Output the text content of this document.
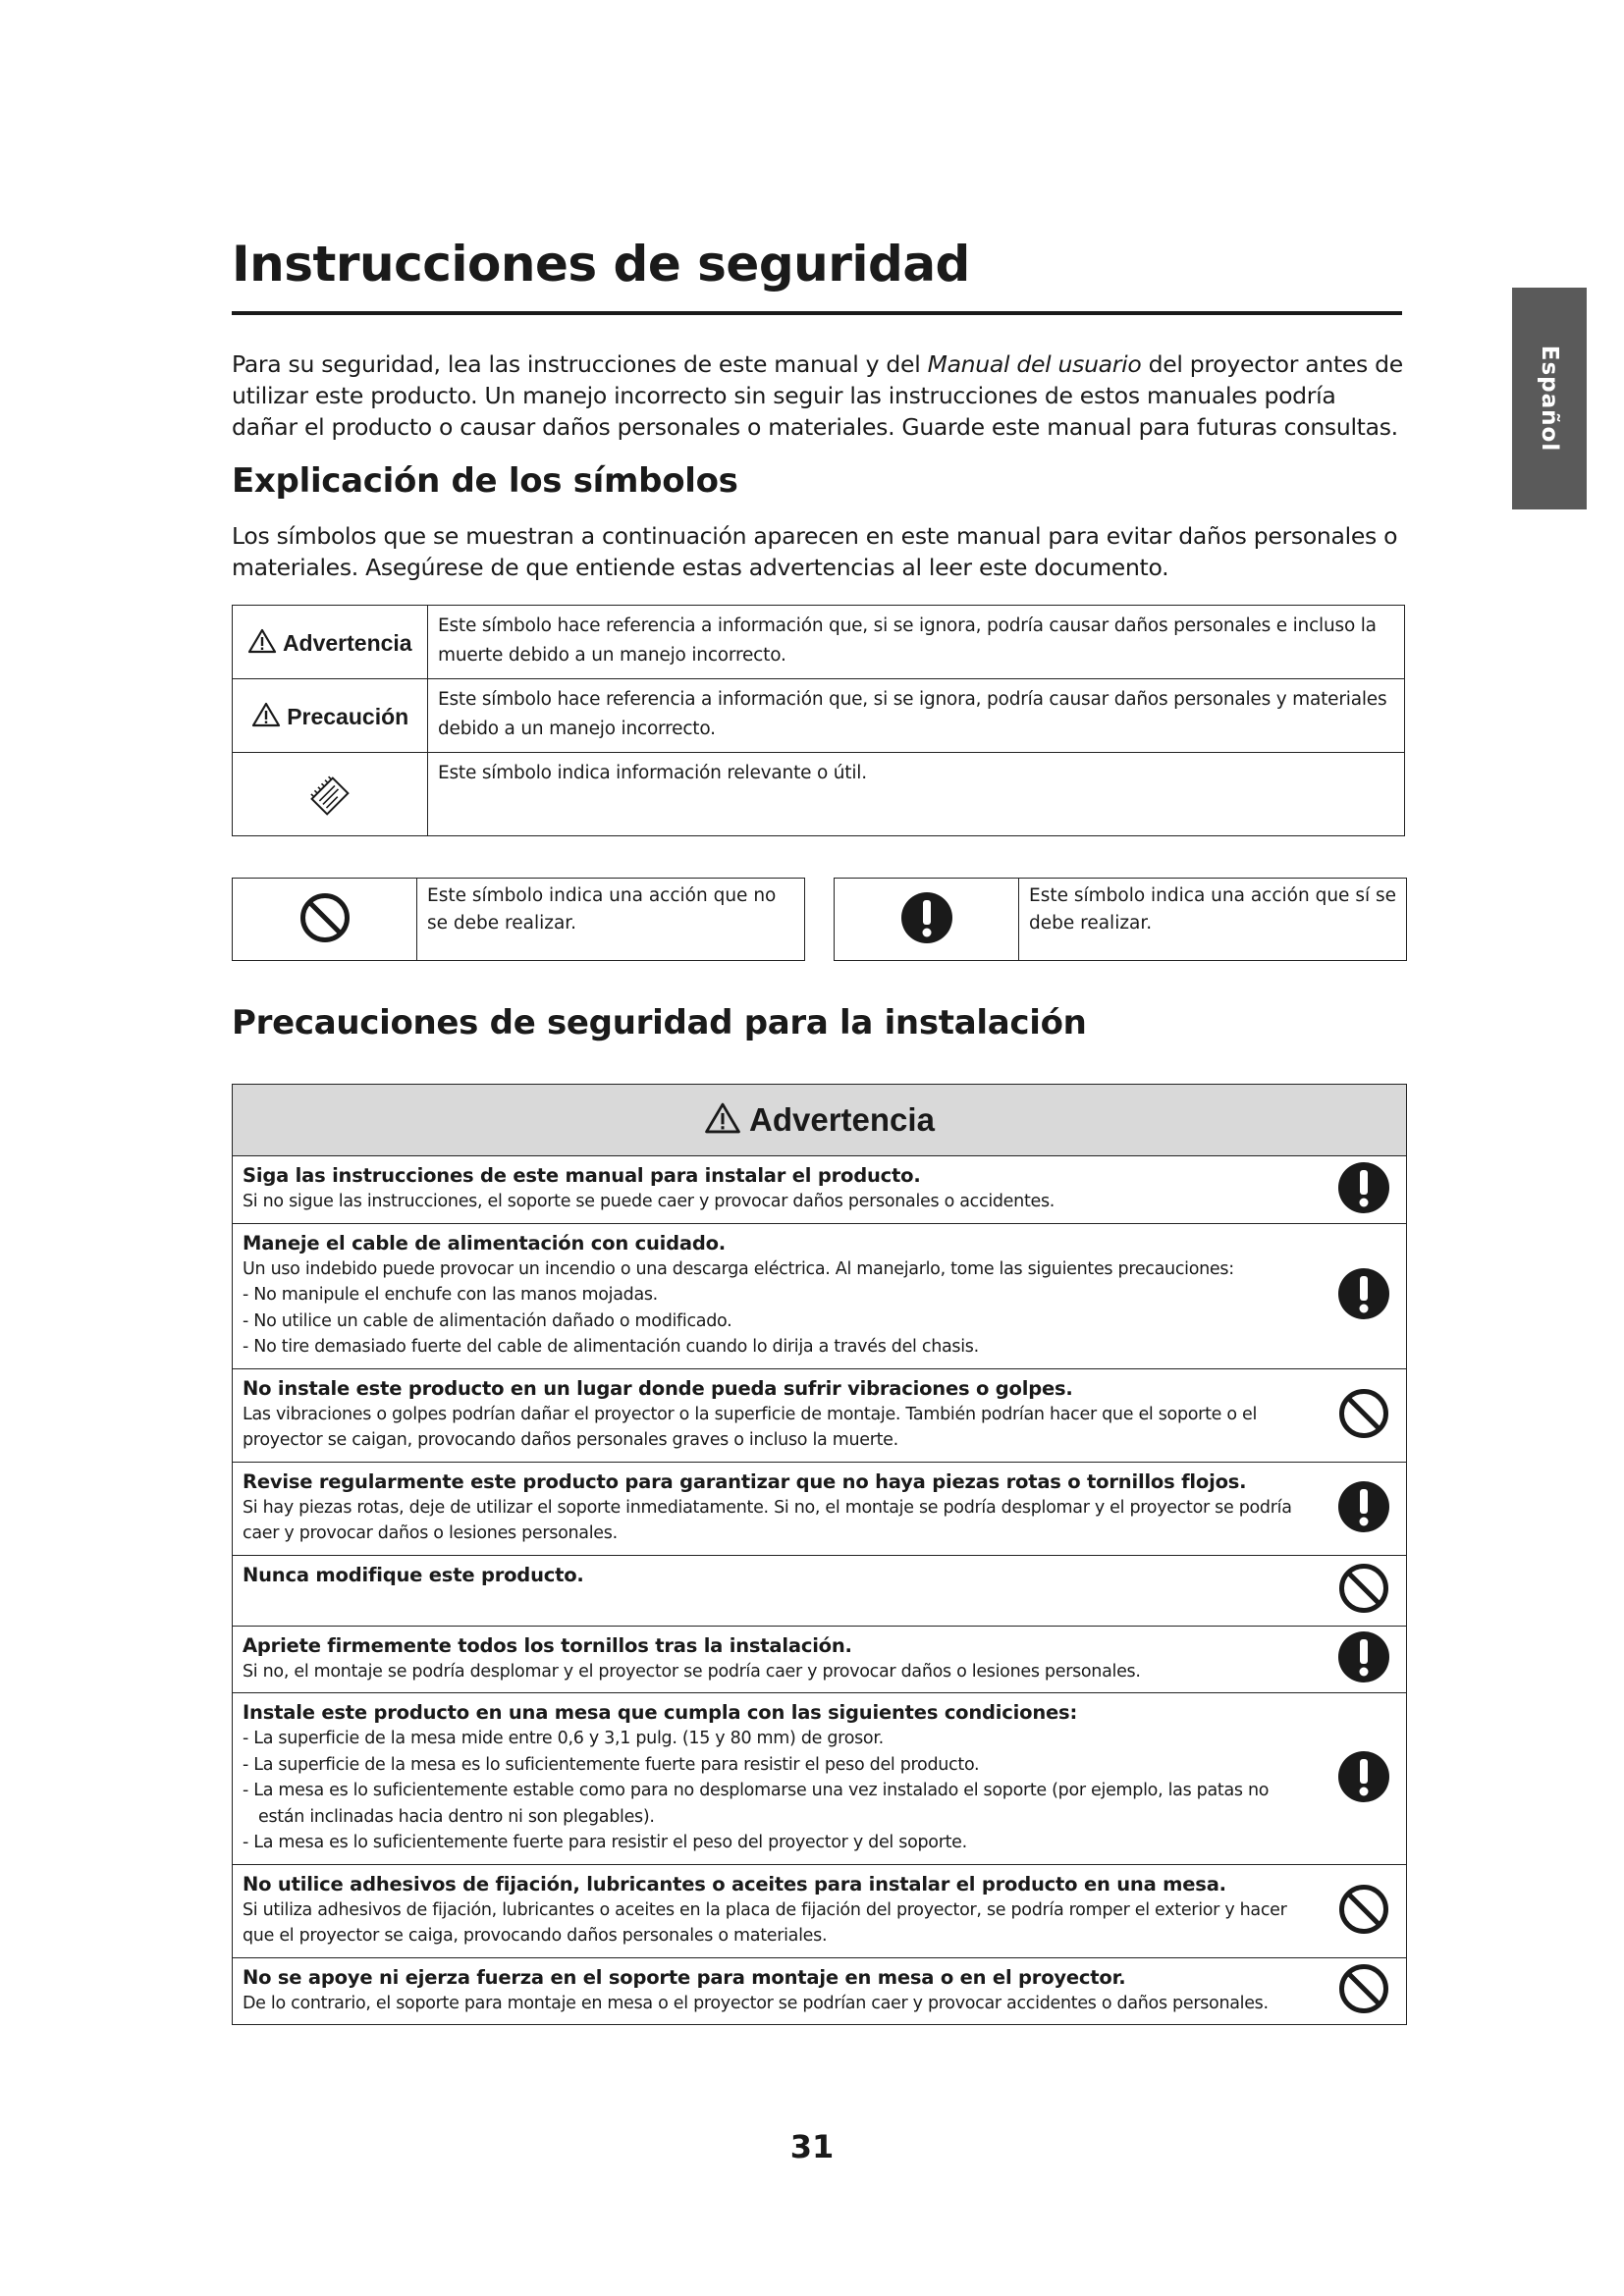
Instrucciones de seguridad
Español
Para su seguridad, lea las instrucciones de este manual y del Manual del usuario del proyector antes de utilizar este producto. Un manejo incorrecto sin seguir las instrucciones de estos manuales podría dañar el producto o causar daños personales o materiales. Guarde este manual para futuras consultas.
Explicación de los símbolos
Los símbolos que se muestran a continuación aparecen en este manual para evitar daños personales o materiales. Asegúrese de que entiende estas advertencias al leer este documento.
Advertencia	Este símbolo hace referencia a información que, si se ignora, podría causar daños personales e incluso la muerte debido a un manejo incorrecto.
Precaución	Este símbolo hace referencia a información que, si se ignora, podría causar daños personales y materiales debido a un manejo incorrecto.
	Este símbolo indica información relevante o útil.
	Este símbolo indica una acción que no se debe realizar.
	Este símbolo indica una acción que sí se debe realizar.
Precauciones de seguridad para la instalación
Advertencia	

Siga las instrucciones de este manual para instalar el producto.
Si no sigue las instrucciones, el soporte se puede caer y provocar daños personales o accidentes.

Maneje el cable de alimentación con cuidado.
Un uso indebido puede provocar un incendio o una descarga eléctrica. Al manejarlo, tome las siguientes precauciones:
- No manipule el enchufe con las manos mojadas.
- No utilice un cable de alimentación dañado o modificado.
- No tire demasiado fuerte del cable de alimentación cuando lo dirija a través del chasis.

No instale este producto en un lugar donde pueda sufrir vibraciones o golpes.
Las vibraciones o golpes podrían dañar el proyector o la superficie de montaje. También podrían hacer que el soporte o el proyector se caigan, provocando daños personales graves o incluso la muerte.

Revise regularmente este producto para garantizar que no haya piezas rotas o tornillos flojos.
Si hay piezas rotas, deje de utilizar el soporte inmediatamente. Si no, el montaje se podría desplomar y el proyector se podría caer y provocar daños o lesiones personales.

Nunca modifique este producto.

Apriete firmemente todos los tornillos tras la instalación.
Si no, el montaje se podría desplomar y el proyector se podría caer y provocar daños o lesiones personales.

Instale este producto en una mesa que cumpla con las siguientes condiciones:
- La superficie de la mesa mide entre 0,6 y 3,1 pulg. (15 y 80 mm) de grosor.
- La superficie de la mesa es lo suficientemente fuerte para resistir el peso del producto.
- La mesa es lo suficientemente estable como para no desplomarse una vez instalado el soporte (por ejemplo, las patas no están inclinadas hacia dentro ni son plegables).
- La mesa es lo suficientemente fuerte para resistir el peso del proyector y del soporte.

No utilice adhesivos de fijación, lubricantes o aceites para instalar el producto en una mesa.
Si utiliza adhesivos de fijación, lubricantes o aceites en la placa de fijación del proyector, se podría romper el exterior y hacer que el proyector se caiga, provocando daños personales o materiales.

No se apoye ni ejerza fuerza en el soporte para montaje en mesa o en el proyector.
De lo contrario, el soporte para montaje en mesa o el proyector se podrían caer y provocar accidentes o daños personales.

31
